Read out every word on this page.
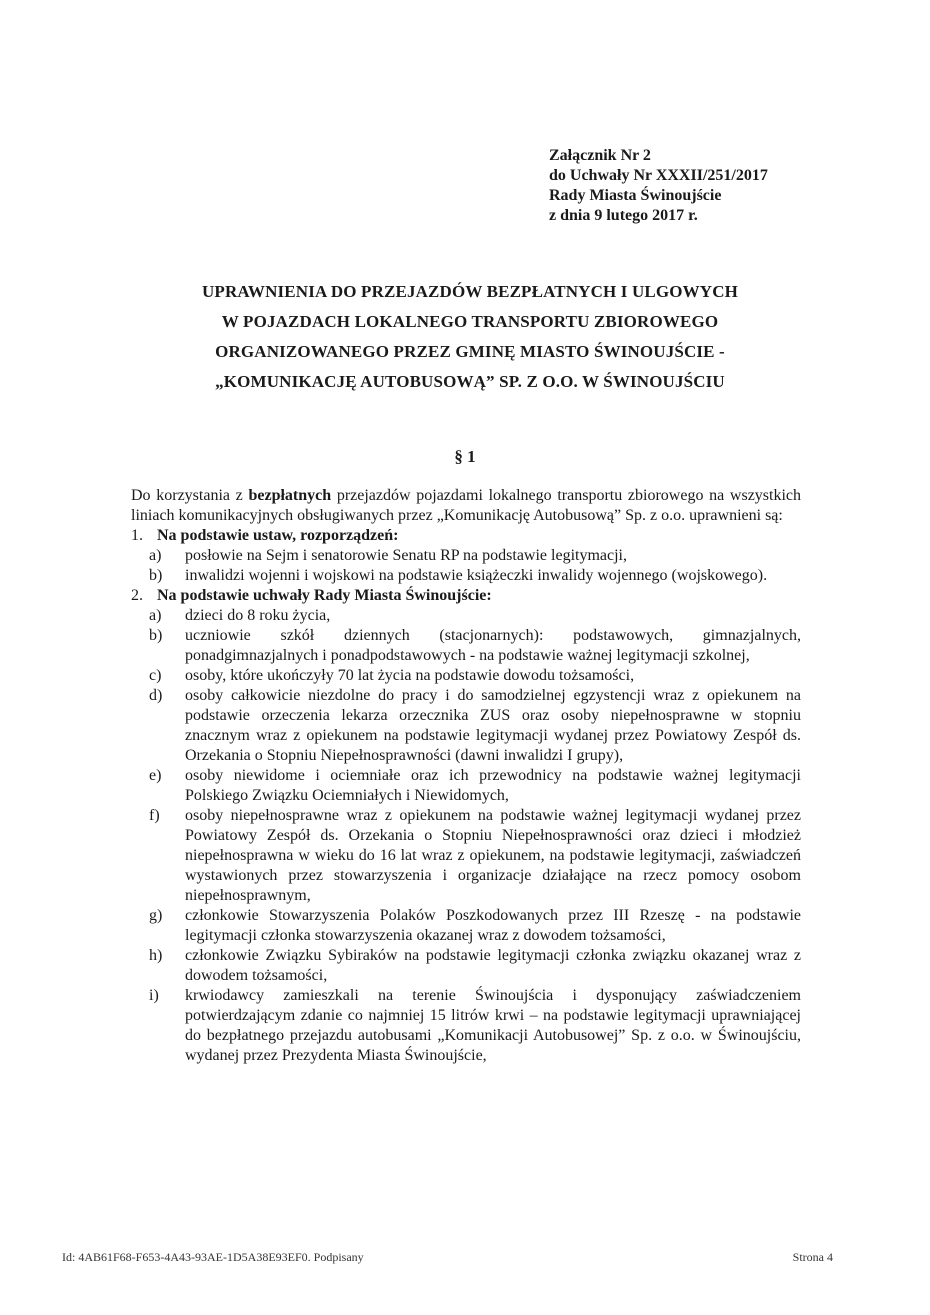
Załącznik Nr 2
do Uchwały Nr XXXII/251/2017
Rady Miasta Świnoujście
z dnia 9 lutego 2017 r.
UPRAWNIENIA DO PRZEJAZDÓW BEZPŁATNYCH I ULGOWYCH
W POJAZDACH LOKALNEGO TRANSPORTU ZBIOROWEGO
ORGANIZOWANEGO PRZEZ GMINĘ MIASTO ŚWINOUJŚCIE -
„KOMUNIKACJĘ AUTOBUSOWĄ” SP. Z O.O. W ŚWINOUJŚCIU
§ 1
Do korzystania z bezpłatnych przejazdów pojazdami lokalnego transportu zbiorowego na wszystkich liniach komunikacyjnych obsługiwanych przez „Komunikację Autobusową” Sp. z o.o. uprawnieni są:
1. Na podstawie ustaw, rozporządzeń:
a) posłowie na Sejm i senatorowie Senatu RP na podstawie legitymacji,
b) inwalidzi wojenni i wojskowi na podstawie książeczki inwalidy wojennego (wojskowego).
2. Na podstawie uchwały Rady Miasta Świnoujście:
a) dzieci do 8 roku życia,
b) uczniowie szkół dziennych (stacjonarnych): podstawowych, gimnazjalnych, ponadgimnazjalnych i ponadpodstawowych - na podstawie ważnej legitymacji szkolnej,
c) osoby, które ukończyły 70 lat życia na podstawie dowodu tożsamości,
d) osoby całkowicie niezdolne do pracy i do samodzielnej egzystencji wraz z opiekunem na podstawie orzeczenia lekarza orzecznika ZUS oraz osoby niepełnosprawne w stopniu znacznym wraz z opiekunem na podstawie legitymacji wydanej przez Powiatowy Zespół ds. Orzekania o Stopniu Niepełnosprawności (dawni inwalidzi I grupy),
e) osoby niewidome i ociemniałe oraz ich przewodnicy na podstawie ważnej legitymacji Polskiego Związku Ociemniałych i Niewidomych,
f) osoby niepełnosprawne wraz z opiekunem na podstawie ważnej legitymacji wydanej przez Powiatowy Zespół ds. Orzekania o Stopniu Niepełnosprawności oraz dzieci i młodzież niepełnosprawna w wieku do 16 lat wraz z opiekunem, na podstawie legitymacji, zaświadczeń wystawionych przez stowarzyszenia i organizacje działające na rzecz pomocy osobom niepełnosprawnym,
g) członkowie Stowarzyszenia Polaków Poszkodowanych przez III Rzeszę - na podstawie legitymacji członka stowarzyszenia okazanej wraz z dowodem tożsamości,
h) członkowie Związku Sybiraków na podstawie legitymacji członka związku okazanej wraz z dowodem tożsamości,
i) krwiodawcy zamieszkali na terenie Świnoujścia i dysponujący zaświadczeniem potwierdzającym zdanie co najmniej 15 litrów krwi – na podstawie legitymacji uprawniającej do bezpłatnego przejazdu autobusami „Komunikacji Autobusowej” Sp. z o.o. w Świnoujściu, wydanej przez Prezydenta Miasta Świnoujście,
Id: 4AB61F68-F653-4A43-93AE-1D5A38E93EF0. Podpisany	Strona 4
